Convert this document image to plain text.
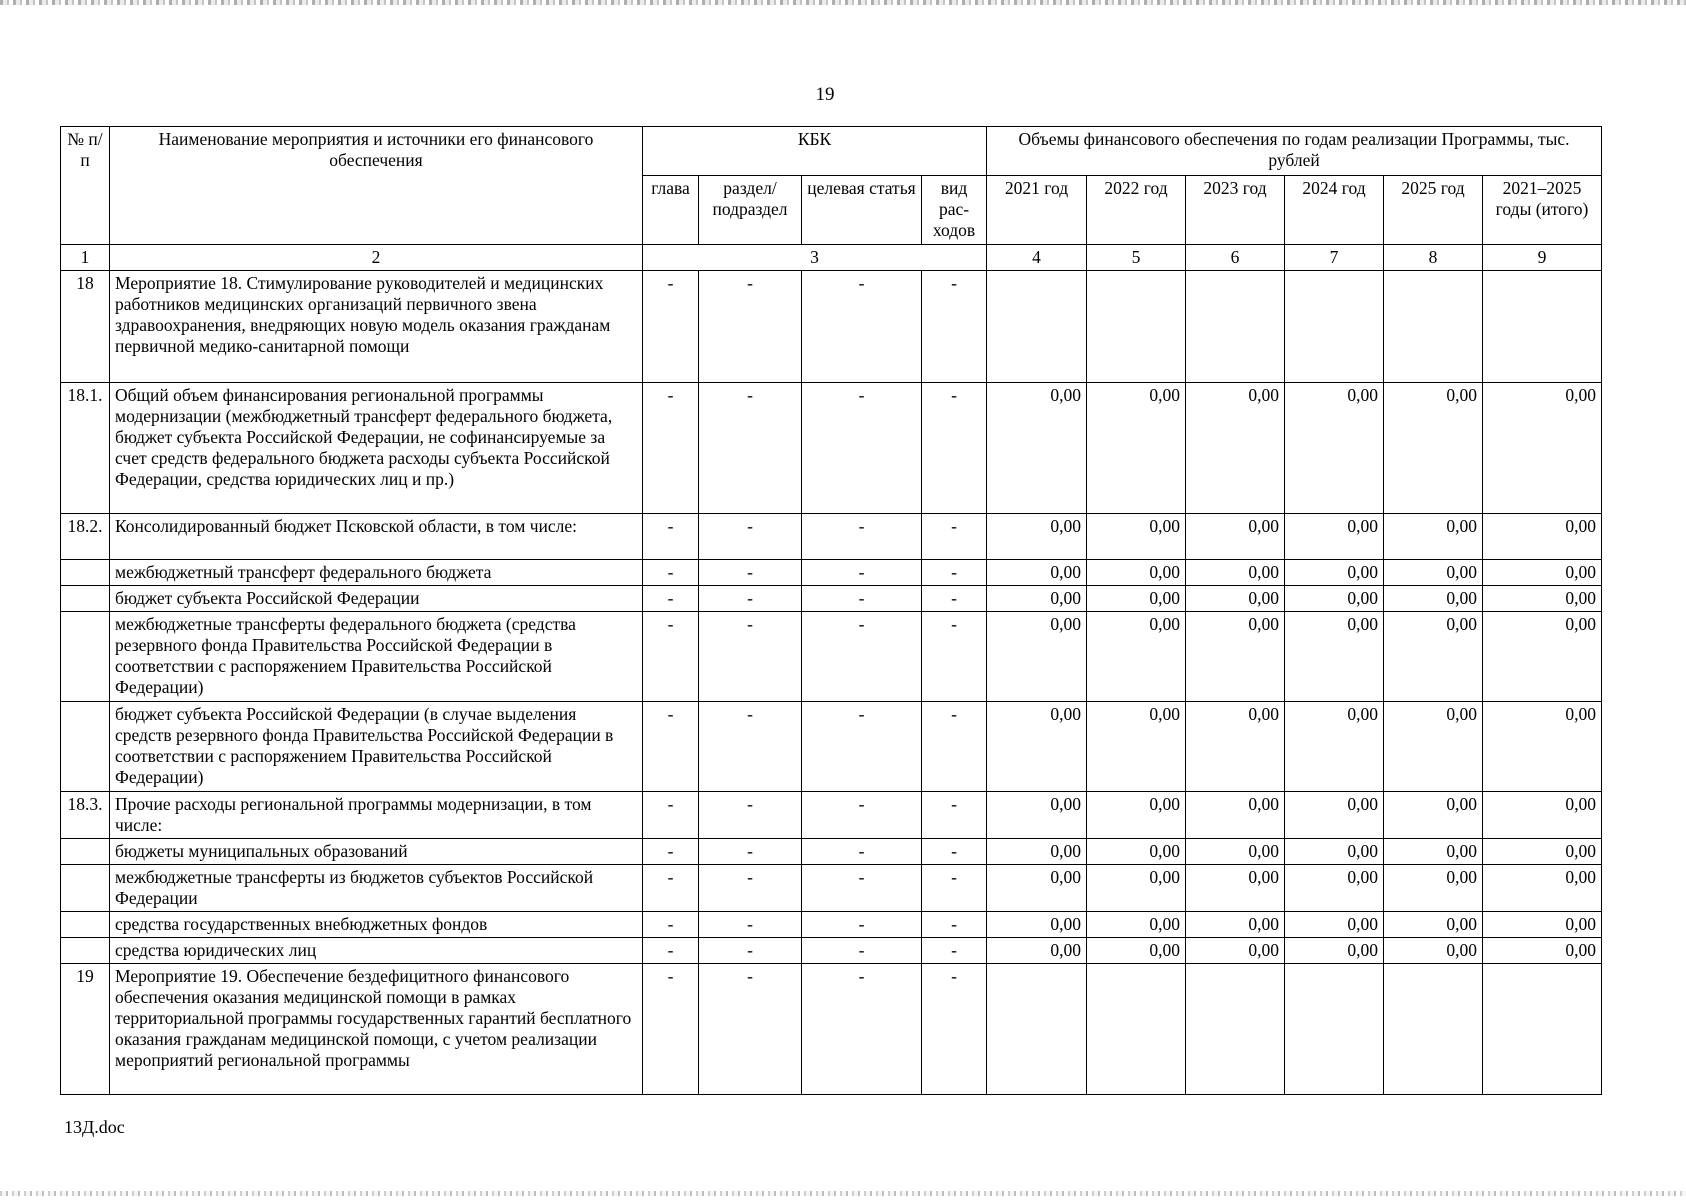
19
№ п/п	Наименование мероприятия и источники его финансового обеспечения	КБК				Объемы финансового обеспечения по годам реализации Программы, тыс. рублей					
		глава	раздел/ подраздел	целевая статья	вид рас- ходов	2021 год	2022 год	2023 год	2024 год	2025 год	2021–2025 годы (итого)
1	2	3				4	5	6	7	8	9
18	Мероприятие 18. Стимулирование руководителей и медицинских работников медицинских организаций первичного звена здравоохранения, внедряющих новую модель оказания гражданам первичной медико-санитарной помощи	-	-	-	-						
18.1.	Общий объем финансирования региональной программы модернизации (межбюджетный трансферт федерального бюджета, бюджет субъекта Российской Федерации, не софинансируемые за счет средств федерального бюджета расходы субъекта Российской Федерации, средства юридических лиц и пр.)	-	-	-	-	0,00	0,00	0,00	0,00	0,00	0,00
18.2.	Консолидированный бюджет Псковской области, в том числе:	-	-	-	-	0,00	0,00	0,00	0,00	0,00	0,00
	межбюджетный трансферт федерального бюджета	-	-	-	-	0,00	0,00	0,00	0,00	0,00	0,00
	бюджет субъекта Российской Федерации	-	-	-	-	0,00	0,00	0,00	0,00	0,00	0,00
	межбюджетные трансферты федерального бюджета (средства резервного фонда Правительства Российской Федерации в соответствии с распоряжением Правительства Российской Федерации)	-	-	-	-	0,00	0,00	0,00	0,00	0,00	0,00
	бюджет субъекта Российской Федерации (в случае выделения средств резервного фонда Правительства Российской Федерации в соответствии с распоряжением Правительства Российской Федерации)	-	-	-	-	0,00	0,00	0,00	0,00	0,00	0,00
18.3.	Прочие расходы региональной программы модернизации, в том числе:	-	-	-	-	0,00	0,00	0,00	0,00	0,00	0,00
	бюджеты муниципальных образований	-	-	-	-	0,00	0,00	0,00	0,00	0,00	0,00
	межбюджетные трансферты из бюджетов субъектов Российской Федерации	-	-	-	-	0,00	0,00	0,00	0,00	0,00	0,00
	средства государственных внебюджетных фондов	-	-	-	-	0,00	0,00	0,00	0,00	0,00	0,00
	средства юридических лиц	-	-	-	-	0,00	0,00	0,00	0,00	0,00	0,00
19	Мероприятие 19. Обеспечение бездефицитного финансового обеспечения оказания медицинской помощи в рамках территориальной программы государственных гарантий бесплатного оказания гражданам медицинской помощи, с учетом реализации мероприятий региональной программы	-	-	-	-						
13Д.doc
